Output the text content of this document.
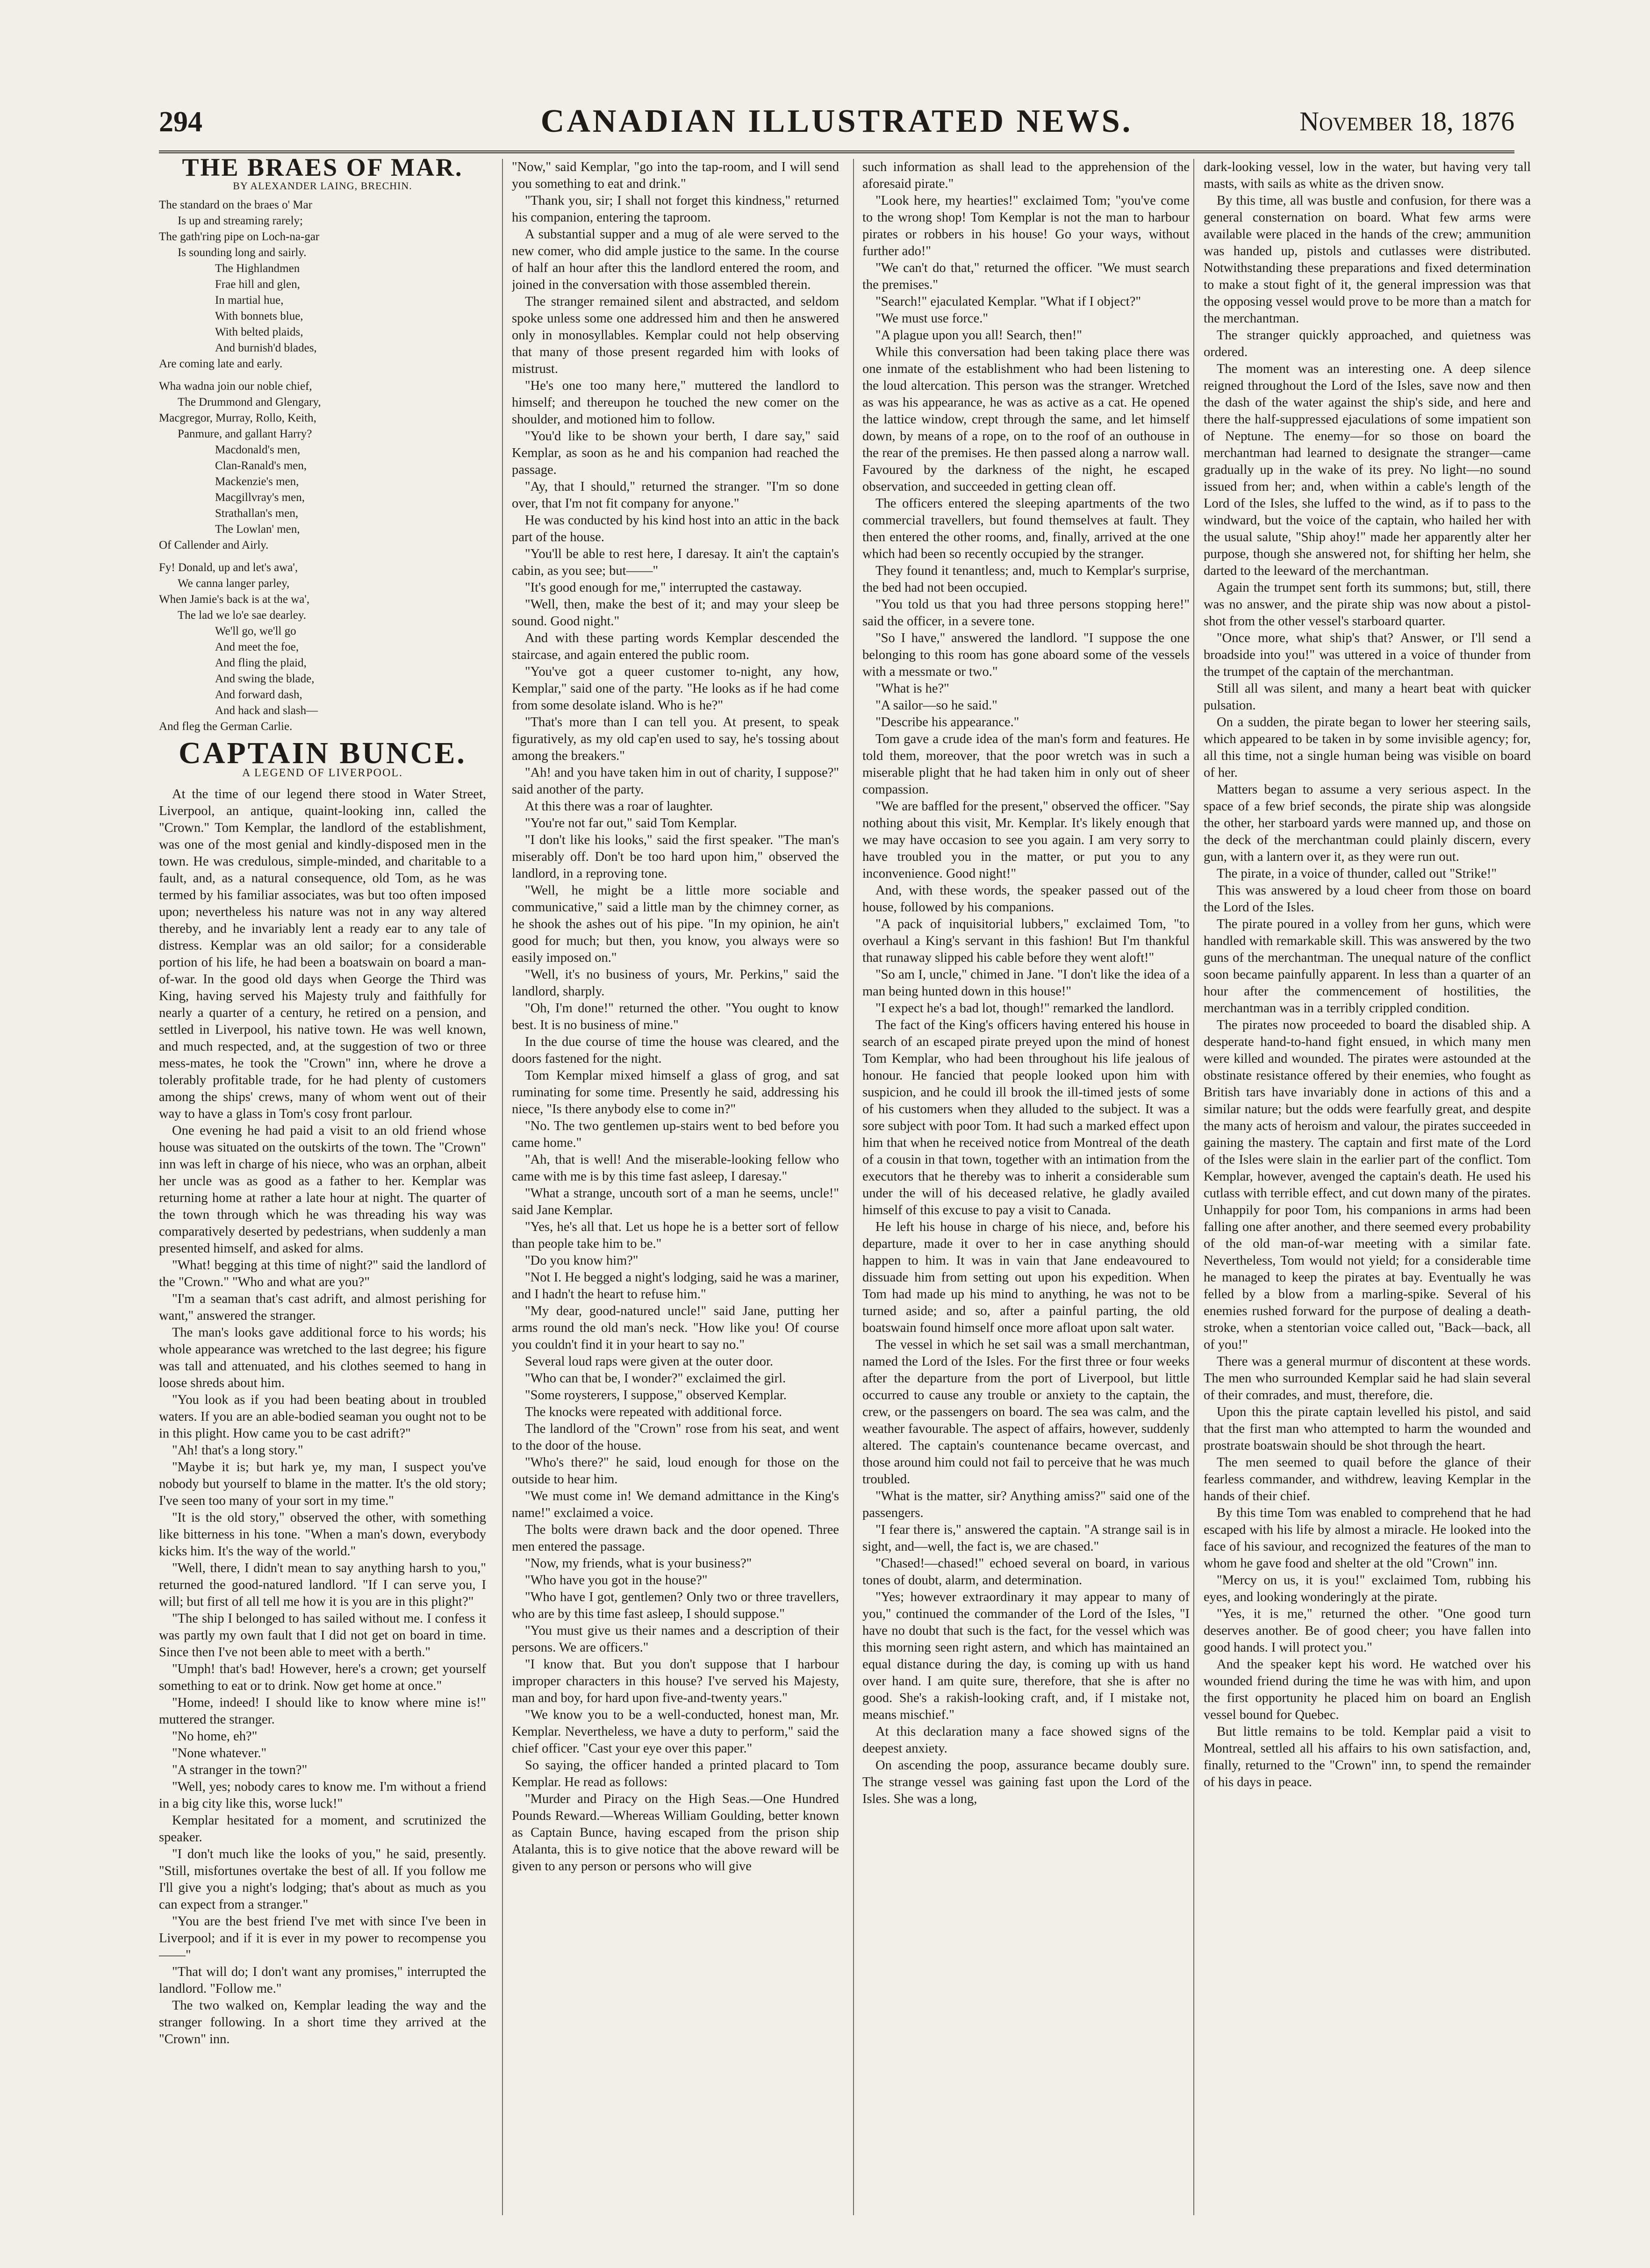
294	CANADIAN ILLUSTRATED NEWS.	November 18, 1876
THE BRAES OF MAR.
BY ALEXANDER LAING, BRECHIN.
The standard on the braes o' Mar
Is up and streaming rarely;
The gath'ring pipe on Loch-na-gar
Is sounding long and sairly.
The Highlandmen
Frae hill and glen,
In martial hue,
With bonnets blue,
With belted plaids,
And burnish'd blades,
Are coming late and early.
Wha wadna join our noble chief,
The Drummond and Glengary,
Macgregor, Murray, Rollo, Keith,
Panmure, and gallant Harry?
Macdonald's men,
Clan-Ranald's men,
Mackenzie's men,
Macgillvray's men,
Strathallan's men,
The Lowlan' men,
Of Callender and Airly.
Fy! Donald, up and let's awa',
We canna langer parley,
When Jamie's back is at the wa',
The lad we lo'e sae dearley.
We'll go, we'll go
And meet the foe,
And fling the plaid,
And swing the blade,
And forward dash,
And hack and slash—
And fleg the German Carlie.
CAPTAIN BUNCE.
A LEGEND OF LIVERPOOL.

At the time of our legend there stood in Water Street, Liverpool, an antique, quaint-looking inn, called the "Crown." Tom Kemplar, the landlord of the establishment, was one of the most genial and kindly-disposed men in the town. He was credulous, simple-minded, and charitable to a fault, and, as a natural consequence, old Tom, as he was termed by his familiar associates, was but too often imposed upon; nevertheless his nature was not in any way altered thereby, and he invariably lent a ready ear to any tale of distress. Kemplar was an old sailor; for a considerable portion of his life, he had been a boatswain on board a man-of-war. In the good old days when George the Third was King, having served his Majesty truly and faithfully for nearly a quarter of a century, he retired on a pension, and settled in Liverpool, his native town. He was well known, and much respected, and, at the suggestion of two or three mess-mates, he took the "Crown" inn, where he drove a tolerably profitable trade, for he had plenty of customers among the ships' crews, many of whom went out of their way to have a glass in Tom's cosy front parlour.

One evening he had paid a visit to an old friend whose house was situated on the outskirts of the town. The "Crown" inn was left in charge of his niece, who was an orphan, albeit her uncle was as good as a father to her. Kemplar was returning home at rather a late hour at night. The quarter of the town through which he was threading his way was comparatively deserted by pedestrians, when suddenly a man presented himself, and asked for alms.

"What! begging at this time of night?" said the landlord of the "Crown." "Who and what are you?"

"I'm a seaman that's cast adrift, and almost perishing for want," answered the stranger.

The man's looks gave additional force to his words; his whole appearance was wretched to the last degree; his figure was tall and attenuated, and his clothes seemed to hang in loose shreds about him.

"You look as if you had been beating about in troubled waters. If you are an able-bodied seaman you ought not to be in this plight. How came you to be cast adrift?"

"Ah! that's a long story."

"Maybe it is; but hark ye, my man, I suspect you've nobody but yourself to blame in the matter. It's the old story; I've seen too many of your sort in my time."

"It is the old story," observed the other, with something like bitterness in his tone. "When a man's down, everybody kicks him. It's the way of the world."

"Well, there, I didn't mean to say anything harsh to you," returned the good-natured landlord. "If I can serve you, I will; but first of all tell me how it is you are in this plight?"

"The ship I belonged to has sailed without me. I confess it was partly my own fault that I did not get on board in time. Since then I've not been able to meet with a berth."

"Umph! that's bad! However, here's a crown; get yourself something to eat or to drink. Now get home at once."

"Home, indeed! I should like to know where mine is!" muttered the stranger.

"No home, eh?"

"None whatever."

"A stranger in the town?"

"Well, yes; nobody cares to know me. I'm without a friend in a big city like this, worse luck!"

Kemplar hesitated for a moment, and scrutinized the speaker.

"I don't much like the looks of you," he said, presently. "Still, misfortunes overtake the best of all. If you follow me I'll give you a night's lodging; that's about as much as you can expect from a stranger."

"You are the best friend I've met with since I've been in Liverpool; and if it is ever in my power to recompense you——"

"That will do; I don't want any promises," interrupted the landlord. "Follow me."

The two walked on, Kemplar leading the way and the stranger following. In a short time they arrived at the "Crown" inn.

"Now," said Kemplar, "go into the tap-room, and I will send you something to eat and drink."

"Thank you, sir; I shall not forget this kindness," returned his companion, entering the taproom.

A substantial supper and a mug of ale were served to the new comer, who did ample justice to the same. In the course of half an hour after this the landlord entered the room, and joined in the conversation with those assembled therein.

The stranger remained silent and abstracted, and seldom spoke unless some one addressed him and then he answered only in monosyllables. Kemplar could not help observing that many of those present regarded him with looks of mistrust.

"He's one too many here," muttered the landlord to himself; and thereupon he touched the new comer on the shoulder, and motioned him to follow.

"You'd like to be shown your berth, I dare say," said Kemplar, as soon as he and his companion had reached the passage.

"Ay, that I should," returned the stranger. "I'm so done over, that I'm not fit company for anyone."

He was conducted by his kind host into an attic in the back part of the house.

"You'll be able to rest here, I daresay. It ain't the captain's cabin, as you see; but——"

"It's good enough for me," interrupted the castaway.

"Well, then, make the best of it; and may your sleep be sound. Good night."

And with these parting words Kemplar descended the staircase, and again entered the public room.

"You've got a queer customer to-night, any how, Kemplar," said one of the party. "He looks as if he had come from some desolate island. Who is he?"

"That's more than I can tell you. At present, to speak figuratively, as my old cap'en used to say, he's tossing about among the breakers."

"Ah! and you have taken him in out of charity, I suppose?" said another of the party.

At this there was a roar of laughter.

"You're not far out," said Tom Kemplar.

"I don't like his looks," said the first speaker. "The man's miserably off. Don't be too hard upon him," observed the landlord, in a reproving tone.

"Well, he might be a little more sociable and communicative," said a little man by the chimney corner, as he shook the ashes out of his pipe. "In my opinion, he ain't good for much; but then, you know, you always were so easily imposed on."

"Well, it's no business of yours, Mr. Perkins," said the landlord, sharply.

"Oh, I'm done!" returned the other. "You ought to know best. It is no business of mine."

In the due course of time the house was cleared, and the doors fastened for the night.

Tom Kemplar mixed himself a glass of grog, and sat ruminating for some time. Presently he said, addressing his niece, "Is there anybody else to come in?"

"No. The two gentlemen up-stairs went to bed before you came home."

"Ah, that is well! And the miserable-looking fellow who came with me is by this time fast asleep, I daresay."

"What a strange, uncouth sort of a man he seems, uncle!" said Jane Kemplar.

"Yes, he's all that. Let us hope he is a better sort of fellow than people take him to be."

"Do you know him?"

"Not I. He begged a night's lodging, said he was a mariner, and I hadn't the heart to refuse him."

"My dear, good-natured uncle!" said Jane, putting her arms round the old man's neck. "How like you! Of course you couldn't find it in your heart to say no."

Several loud raps were given at the outer door.

"Who can that be, I wonder?" exclaimed the girl.

"Some roysterers, I suppose," observed Kemplar.

The knocks were repeated with additional force.

The landlord of the "Crown" rose from his seat, and went to the door of the house.

"Who's there?" he said, loud enough for those on the outside to hear him.

"We must come in! We demand admittance in the King's name!" exclaimed a voice.

The bolts were drawn back and the door opened. Three men entered the passage.

"Now, my friends, what is your business?"

"Who have you got in the house?"

"Who have I got, gentlemen? Only two or three travellers, who are by this time fast asleep, I should suppose."

"You must give us their names and a description of their persons. We are officers."

"I know that. But you don't suppose that I harbour improper characters in this house? I've served his Majesty, man and boy, for hard upon five-and-twenty years."

"We know you to be a well-conducted, honest man, Mr. Kemplar. Nevertheless, we have a duty to perform," said the chief officer. "Cast your eye over this paper."

So saying, the officer handed a printed placard to Tom Kemplar. He read as follows:

"Murder and Piracy on the High Seas.—One Hundred Pounds Reward.—Whereas William Goulding, better known as Captain Bunce, having escaped from the prison ship Atalanta, this is to give notice that the above reward will be given to any person or persons who will give

such information as shall lead to the apprehension of the aforesaid pirate."

"Look here, my hearties!" exclaimed Tom; "you've come to the wrong shop! Tom Kemplar is not the man to harbour pirates or robbers in his house! Go your ways, without further ado!"

"We can't do that," returned the officer. "We must search the premises."

"Search!" ejaculated Kemplar. "What if I object?"

"We must use force."

"A plague upon you all! Search, then!"

While this conversation had been taking place there was one inmate of the establishment who had been listening to the loud altercation. This person was the stranger. Wretched as was his appearance, he was as active as a cat. He opened the lattice window, crept through the same, and let himself down, by means of a rope, on to the roof of an outhouse in the rear of the premises. He then passed along a narrow wall. Favoured by the darkness of the night, he escaped observation, and succeeded in getting clean off.

The officers entered the sleeping apartments of the two commercial travellers, but found themselves at fault. They then entered the other rooms, and, finally, arrived at the one which had been so recently occupied by the stranger.

They found it tenantless; and, much to Kemplar's surprise, the bed had not been occupied.

"You told us that you had three persons stopping here!" said the officer, in a severe tone.

"So I have," answered the landlord. "I suppose the one belonging to this room has gone aboard some of the vessels with a messmate or two."

"What is he?"

"A sailor—so he said."

"Describe his appearance."

Tom gave a crude idea of the man's form and features. He told them, moreover, that the poor wretch was in such a miserable plight that he had taken him in only out of sheer compassion.

"We are baffled for the present," observed the officer. "Say nothing about this visit, Mr. Kemplar. It's likely enough that we may have occasion to see you again. I am very sorry to have troubled you in the matter, or put you to any inconvenience. Good night!"

And, with these words, the speaker passed out of the house, followed by his companions.

"A pack of inquisitorial lubbers," exclaimed Tom, "to overhaul a King's servant in this fashion! But I'm thankful that runaway slipped his cable before they went aloft!"

"So am I, uncle," chimed in Jane. "I don't like the idea of a man being hunted down in this house!"

"I expect he's a bad lot, though!" remarked the landlord.

The fact of the King's officers having entered his house in search of an escaped pirate preyed upon the mind of honest Tom Kemplar, who had been throughout his life jealous of honour. He fancied that people looked upon him with suspicion, and he could ill brook the ill-timed jests of some of his customers when they alluded to the subject. It was a sore subject with poor Tom. It had such a marked effect upon him that when he received notice from Montreal of the death of a cousin in that town, together with an intimation from the executors that he thereby was to inherit a considerable sum under the will of his deceased relative, he gladly availed himself of this excuse to pay a visit to Canada.

He left his house in charge of his niece, and, before his departure, made it over to her in case anything should happen to him. It was in vain that Jane endeavoured to dissuade him from setting out upon his expedition. When Tom had made up his mind to anything, he was not to be turned aside; and so, after a painful parting, the old boatswain found himself once more afloat upon salt water.

The vessel in which he set sail was a small merchantman, named the Lord of the Isles. For the first three or four weeks after the departure from the port of Liverpool, but little occurred to cause any trouble or anxiety to the captain, the crew, or the passengers on board. The sea was calm, and the weather favourable. The aspect of affairs, however, suddenly altered. The captain's countenance became overcast, and those around him could not fail to perceive that he was much troubled.

"What is the matter, sir? Anything amiss?" said one of the passengers.

"I fear there is," answered the captain. "A strange sail is in sight, and—well, the fact is, we are chased."

"Chased!—chased!" echoed several on board, in various tones of doubt, alarm, and determination.

"Yes; however extraordinary it may appear to many of you," continued the commander of the Lord of the Isles, "I have no doubt that such is the fact, for the vessel which was this morning seen right astern, and which has maintained an equal distance during the day, is coming up with us hand over hand. I am quite sure, therefore, that she is after no good. She's a rakish-looking craft, and, if I mistake not, means mischief."

At this declaration many a face showed signs of the deepest anxiety.

On ascending the poop, assurance became doubly sure. The strange vessel was gaining fast upon the Lord of the Isles. She was a long,

dark-looking vessel, low in the water, but having very tall masts, with sails as white as the driven snow.

By this time, all was bustle and confusion, for there was a general consternation on board. What few arms were available were placed in the hands of the crew; ammunition was handed up, pistols and cutlasses were distributed. Notwithstanding these preparations and fixed determination to make a stout fight of it, the general impression was that the opposing vessel would prove to be more than a match for the merchantman.

The stranger quickly approached, and quietness was ordered.

The moment was an interesting one. A deep silence reigned throughout the Lord of the Isles, save now and then the dash of the water against the ship's side, and here and there the half-suppressed ejaculations of some impatient son of Neptune. The enemy—for so those on board the merchantman had learned to designate the stranger—came gradually up in the wake of its prey. No light—no sound issued from her; and, when within a cable's length of the Lord of the Isles, she luffed to the wind, as if to pass to the windward, but the voice of the captain, who hailed her with the usual salute, "Ship ahoy!" made her apparently alter her purpose, though she answered not, for shifting her helm, she darted to the leeward of the merchantman.

Again the trumpet sent forth its summons; but, still, there was no answer, and the pirate ship was now about a pistol-shot from the other vessel's starboard quarter.

"Once more, what ship's that? Answer, or I'll send a broadside into you!" was uttered in a voice of thunder from the trumpet of the captain of the merchantman.

Still all was silent, and many a heart beat with quicker pulsation.

On a sudden, the pirate began to lower her steering sails, which appeared to be taken in by some invisible agency; for, all this time, not a single human being was visible on board of her.

Matters began to assume a very serious aspect. In the space of a few brief seconds, the pirate ship was alongside the other, her starboard yards were manned up, and those on the deck of the merchantman could plainly discern, every gun, with a lantern over it, as they were run out.

The pirate, in a voice of thunder, called out "Strike!"

This was answered by a loud cheer from those on board the Lord of the Isles.

The pirate poured in a volley from her guns, which were handled with remarkable skill. This was answered by the two guns of the merchantman. The unequal nature of the conflict soon became painfully apparent. In less than a quarter of an hour after the commencement of hostilities, the merchantman was in a terribly crippled condition.

The pirates now proceeded to board the disabled ship. A desperate hand-to-hand fight ensued, in which many men were killed and wounded. The pirates were astounded at the obstinate resistance offered by their enemies, who fought as British tars have invariably done in actions of this and a similar nature; but the odds were fearfully great, and despite the many acts of heroism and valour, the pirates succeeded in gaining the mastery. The captain and first mate of the Lord of the Isles were slain in the earlier part of the conflict. Tom Kemplar, however, avenged the captain's death. He used his cutlass with terrible effect, and cut down many of the pirates. Unhappily for poor Tom, his companions in arms had been falling one after another, and there seemed every probability of the old man-of-war meeting with a similar fate. Nevertheless, Tom would not yield; for a considerable time he managed to keep the pirates at bay. Eventually he was felled by a blow from a marling-spike. Several of his enemies rushed forward for the purpose of dealing a death-stroke, when a stentorian voice called out, "Back—back, all of you!"

There was a general murmur of discontent at these words. The men who surrounded Kemplar said he had slain several of their comrades, and must, therefore, die.

Upon this the pirate captain levelled his pistol, and said that the first man who attempted to harm the wounded and prostrate boatswain should be shot through the heart.

The men seemed to quail before the glance of their fearless commander, and withdrew, leaving Kemplar in the hands of their chief.

By this time Tom was enabled to comprehend that he had escaped with his life by almost a miracle. He looked into the face of his saviour, and recognized the features of the man to whom he gave food and shelter at the old "Crown" inn.

"Mercy on us, it is you!" exclaimed Tom, rubbing his eyes, and looking wonderingly at the pirate.

"Yes, it is me," returned the other. "One good turn deserves another. Be of good cheer; you have fallen into good hands. I will protect you."

And the speaker kept his word. He watched over his wounded friend during the time he was with him, and upon the first opportunity he placed him on board an English vessel bound for Quebec.

But little remains to be told. Kemplar paid a visit to Montreal, settled all his affairs to his own satisfaction, and, finally, returned to the "Crown" inn, to spend the remainder of his days in peace.
